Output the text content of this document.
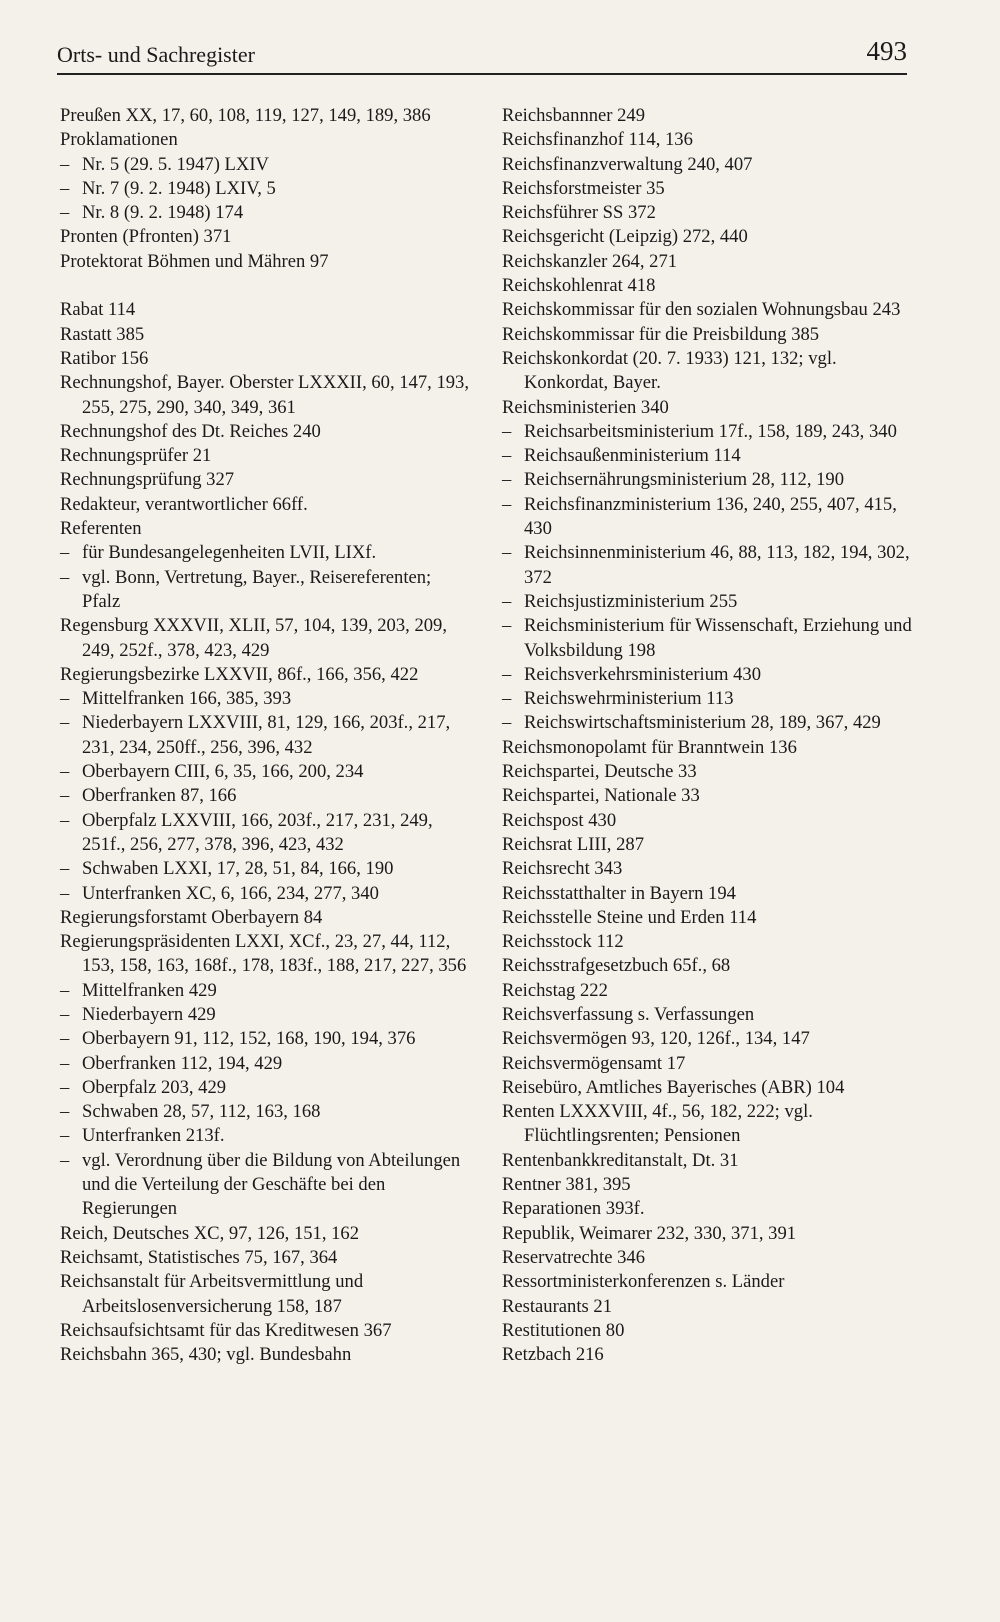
Orts- und Sachregister	493
Preußen XX, 17, 60, 108, 119, 127, 149, 189, 386
Proklamationen
– Nr. 5 (29. 5. 1947) LXIV
– Nr. 7 (9. 2. 1948) LXIV, 5
– Nr. 8 (9. 2. 1948) 174
Pronten (Pfronten) 371
Protektorat Böhmen und Mähren 97
Rabat 114
Rastatt 385
Ratibor 156
Rechnungshof, Bayer. Oberster LXXXII, 60, 147, 193, 255, 275, 290, 340, 349, 361
Rechnungshof des Dt. Reiches 240
Rechnungsprüfer 21
Rechnungsprüfung 327
Redakteur, verantwortlicher 66ff.
Referenten
– für Bundesangelegenheiten LVII, LIXf.
– vgl. Bonn, Vertretung, Bayer., Reisereferenten; Pfalz
Regensburg XXXVII, XLII, 57, 104, 139, 203, 209, 249, 252f., 378, 423, 429
Regierungsbezirke LXXVII, 86f., 166, 356, 422
– Mittelfranken 166, 385, 393
– Niederbayern LXXVIII, 81, 129, 166, 203f., 217, 231, 234, 250ff., 256, 396, 432
– Oberbayern CIII, 6, 35, 166, 200, 234
– Oberfranken 87, 166
– Oberpfalz LXXVIII, 166, 203f., 217, 231, 249, 251f., 256, 277, 378, 396, 423, 432
– Schwaben LXXI, 17, 28, 51, 84, 166, 190
– Unterfranken XC, 6, 166, 234, 277, 340
Regierungsforstamt Oberbayern 84
Regierungspräsidenten LXXI, XCf., 23, 27, 44, 112, 153, 158, 163, 168f., 178, 183f., 188, 217, 227, 356
– Mittelfranken 429
– Niederbayern 429
– Oberbayern 91, 112, 152, 168, 190, 194, 376
– Oberfranken 112, 194, 429
– Oberpfalz 203, 429
– Schwaben 28, 57, 112, 163, 168
– Unterfranken 213f.
– vgl. Verordnung über die Bildung von Abteilungen und die Verteilung der Geschäfte bei den Regierungen
Reich, Deutsches XC, 97, 126, 151, 162
Reichsamt, Statistisches 75, 167, 364
Reichsanstalt für Arbeitsvermittlung und Arbeitslosenversicherung 158, 187
Reichsaufsichtsamt für das Kreditwesen 367
Reichsbahn 365, 430; vgl. Bundesbahn
Reichsbannner 249
Reichsfinanzhof 114, 136
Reichsfinanzverwaltung 240, 407
Reichsforstmeister 35
Reichsführer SS 372
Reichsgericht (Leipzig) 272, 440
Reichskanzler 264, 271
Reichskohlenrat 418
Reichskommissar für den sozialen Wohnungsbau 243
Reichskommissar für die Preisbildung 385
Reichskonkordat (20. 7. 1933) 121, 132; vgl. Konkordat, Bayer.
Reichsministerien 340
– Reichsarbeitsministerium 17f., 158, 189, 243, 340
– Reichsaußenministerium 114
– Reichsernährungsministerium 28, 112, 190
– Reichsfinanzministerium 136, 240, 255, 407, 415, 430
– Reichsinnenministerium 46, 88, 113, 182, 194, 302, 372
– Reichsjustizministerium 255
– Reichsministerium für Wissenschaft, Erziehung und Volksbildung 198
– Reichsverkehrsministerium 430
– Reichswehrministerium 113
– Reichswirtschaftsministerium 28, 189, 367, 429
Reichsmonopolamt für Branntwein 136
Reichspartei, Deutsche 33
Reichspartei, Nationale 33
Reichspost 430
Reichsrat LIII, 287
Reichsrecht 343
Reichsstatthalter in Bayern 194
Reichsstelle Steine und Erden 114
Reichsstock 112
Reichsstrafgesetzbuch 65f., 68
Reichstag 222
Reichsverfassung s. Verfassungen
Reichsvermögen 93, 120, 126f., 134, 147
Reichsvermögensamt 17
Reisebüro, Amtliches Bayerisches (ABR) 104
Renten LXXXVIII, 4f., 56, 182, 222; vgl. Flüchtlingsrenten; Pensionen
Rentenbankkreditanstalt, Dt. 31
Rentner 381, 395
Reparationen 393f.
Republik, Weimarer 232, 330, 371, 391
Reservatrechte 346
Ressortministerkonferenzen s. Länder
Restaurants 21
Restitutionen 80
Retzbach 216
